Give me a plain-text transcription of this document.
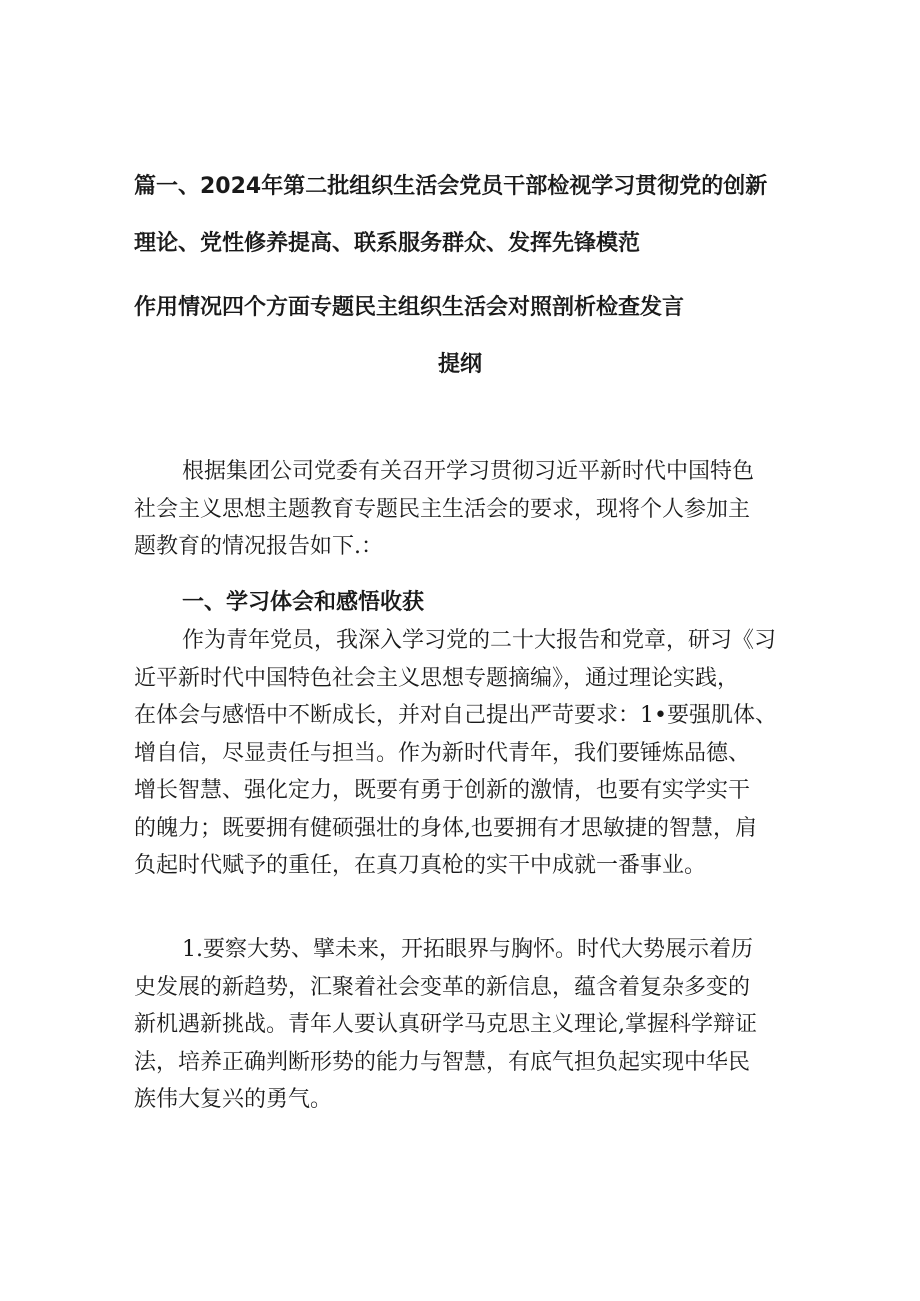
篇一、2024年第二批组织生活会党员干部检视学习贯彻党的创新
理论、党性修养提高、联系服务群众、发挥先锋模范
作用情况四个方面专题民主组织生活会对照剖析检查发言
提纲
根据集团公司党委有关召开学习贯彻习近平新时代中国特色
社会主义思想主题教育专题民主生活会的要求，现将个人参加主
题教育的情况报告如下.：
一、学习体会和感悟收获
作为青年党员，我深入学习党的二十大报告和党章，研习《习
近平新时代中国特色社会主义思想专题摘编》，通过理论实践，
在体会与感悟中不断成长，并对自己提出严苛要求：1•要强肌体、
增自信，尽显责任与担当。作为新时代青年，我们要锤炼品德、
增长智慧、强化定力，既要有勇于创新的激情，也要有实学实干
的魄力；既要拥有健硕强壮的身体,也要拥有才思敏捷的智慧，肩
负起时代赋予的重任，在真刀真枪的实干中成就一番事业。
1.要察大势、擘未来，开拓眼界与胸怀。时代大势展示着历
史发展的新趋势，汇聚着社会变革的新信息，蕴含着复杂多变的
新机遇新挑战。青年人要认真研学马克思主义理论,掌握科学辩证
法，培养正确判断形势的能力与智慧，有底气担负起实现中华民
族伟大复兴的勇气。
